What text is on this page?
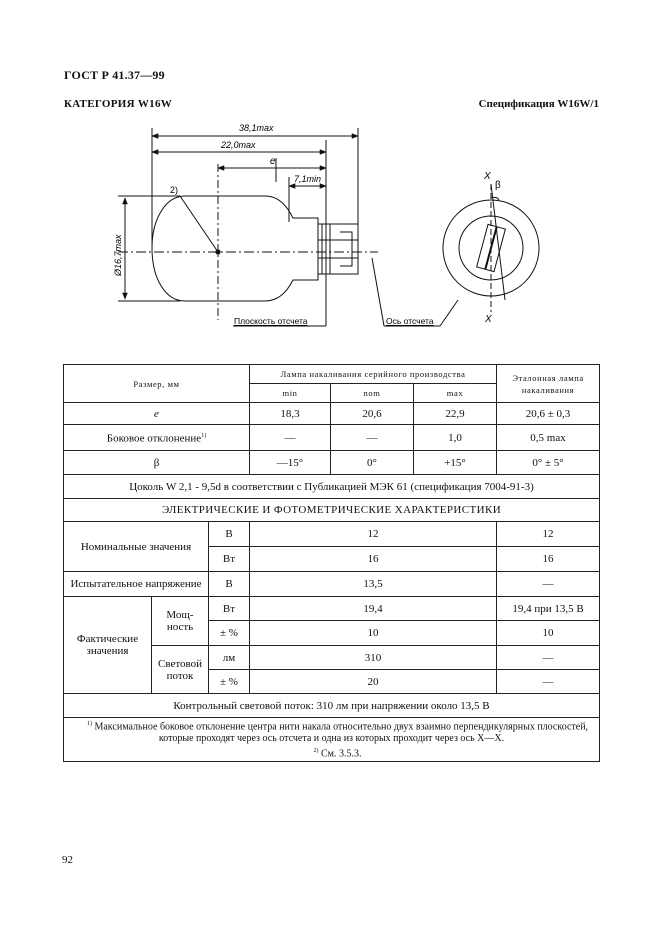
ГОСТ Р 41.37—99
КАТЕГОРИЯ W16W	Спецификация W16W/1
38,1max
22,0max
e
7,1min
Ø16,7max
2)
Плоскость отсчета	Ось отсчета
X
X
β
Размер, мм			Лампа накаливания серийного производства			Эталонная лампа накаливания
			min	nom	max	
e			18,3	20,6	22,9	20,6 ± 0,3
Боковое отклонение$^{1)}$			—	—	1,0	0,5 max
β			—15°	0°	+15°	0° ± 5°
Цоколь W 2,1 - 9,5d в соответствии с Публикацией МЭК 61 (спецификация 7004-91-3)						
ЭЛЕКТРИЧЕСКИЕ И ФОТОМЕТРИЧЕСКИЕ ХАРАКТЕРИСТИКИ						
Номинальные значения		В	12			12
		Вт	16			16
Испытательное напряжение		В	13,5			—
Фактические значения	Мощ-ность	Вт	19,4			19,4 при 13,5 В
		± %	10			10
	Световой поток	лм	310			—
		± %	20			—
Контрольный световой поток: 310 лм при напряжении около 13,5 В						

$^{1)}$ Максимальное боковое отклонение центра нити накала относительно двух взаимно перпендикулярных плоскостей, которые проходят через ось отсчета и одна из которых проходит через ось X—X.
$^{2)}$ См. 3.5.3.						
92
